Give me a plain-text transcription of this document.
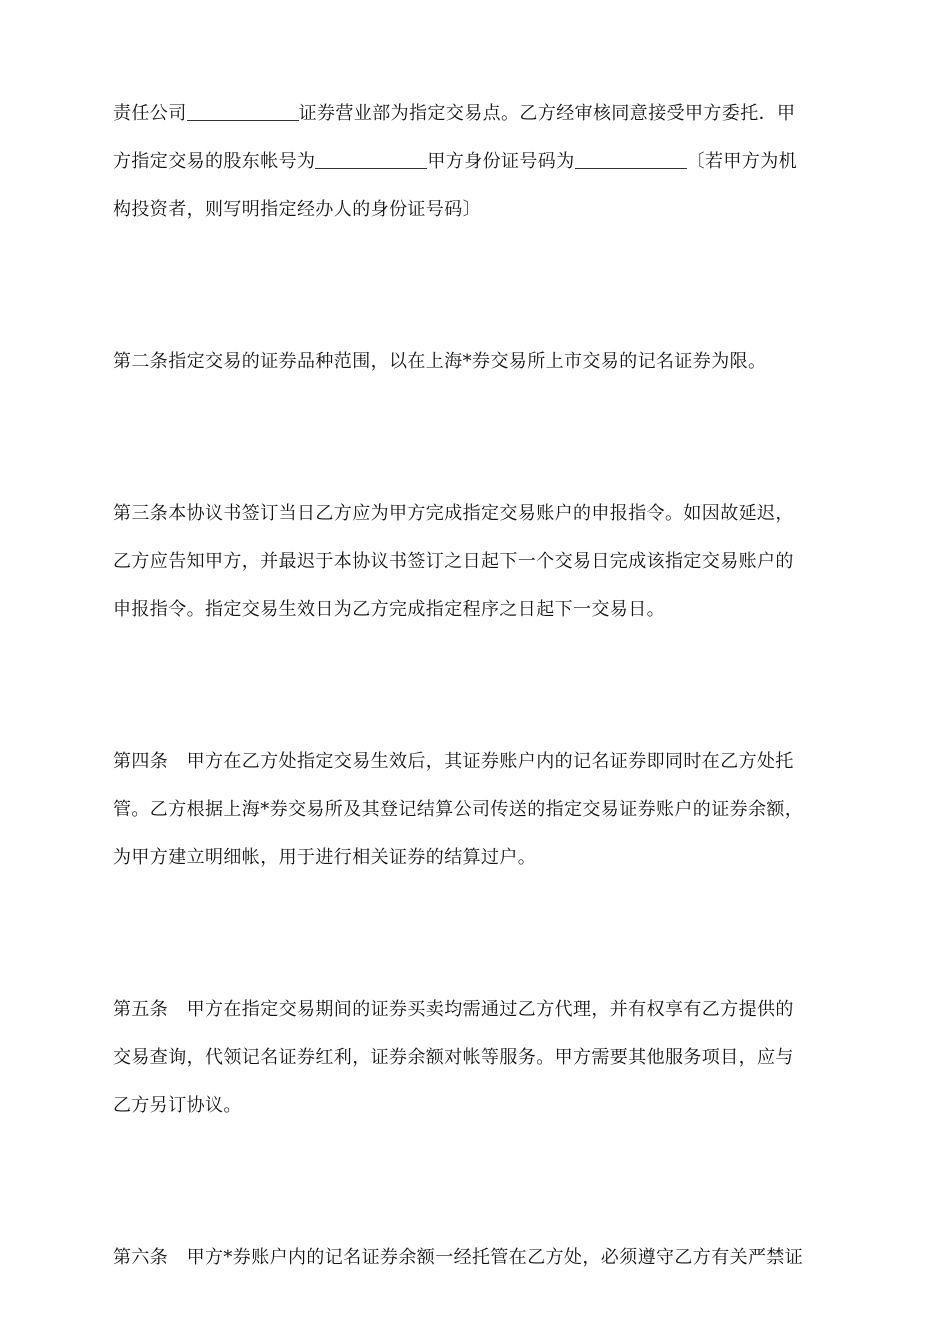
责任公司	证券营业部为指定交易点。乙方经审核同意接受甲方委托．甲
方指定交易的股东帐号为	甲方身份证号码为	〔若甲方为机
构投资者，则写明指定经办人的身份证号码〕
第二条指定交易的证券品种范围，以在上海*券交易所上市交易的记名证券为限。
第三条本协议书签订当日乙方应为甲方完成指定交易账户的申报指令。如因故延迟，
乙方应告知甲方，并最迟于本协议书签订之日起下一个交易日完成该指定交易账户的
申报指令。指定交易生效日为乙方完成指定程序之日起下一交易日。
第四条　甲方在乙方处指定交易生效后，其证券账户内的记名证券即同时在乙方处托
管。乙方根据上海*券交易所及其登记结算公司传送的指定交易证券账户的证券余额，
为甲方建立明细帐，用于进行相关证券的结算过户。
第五条　甲方在指定交易期间的证券买卖均需通过乙方代理，并有权享有乙方提供的
交易查询，代领记名证券红利，证券余额对帐等服务。甲方需要其他服务项目，应与
乙方另订协议。
第六条　甲方*券账户内的记名证券余额一经托管在乙方处，必须遵守乙方有关严禁证
